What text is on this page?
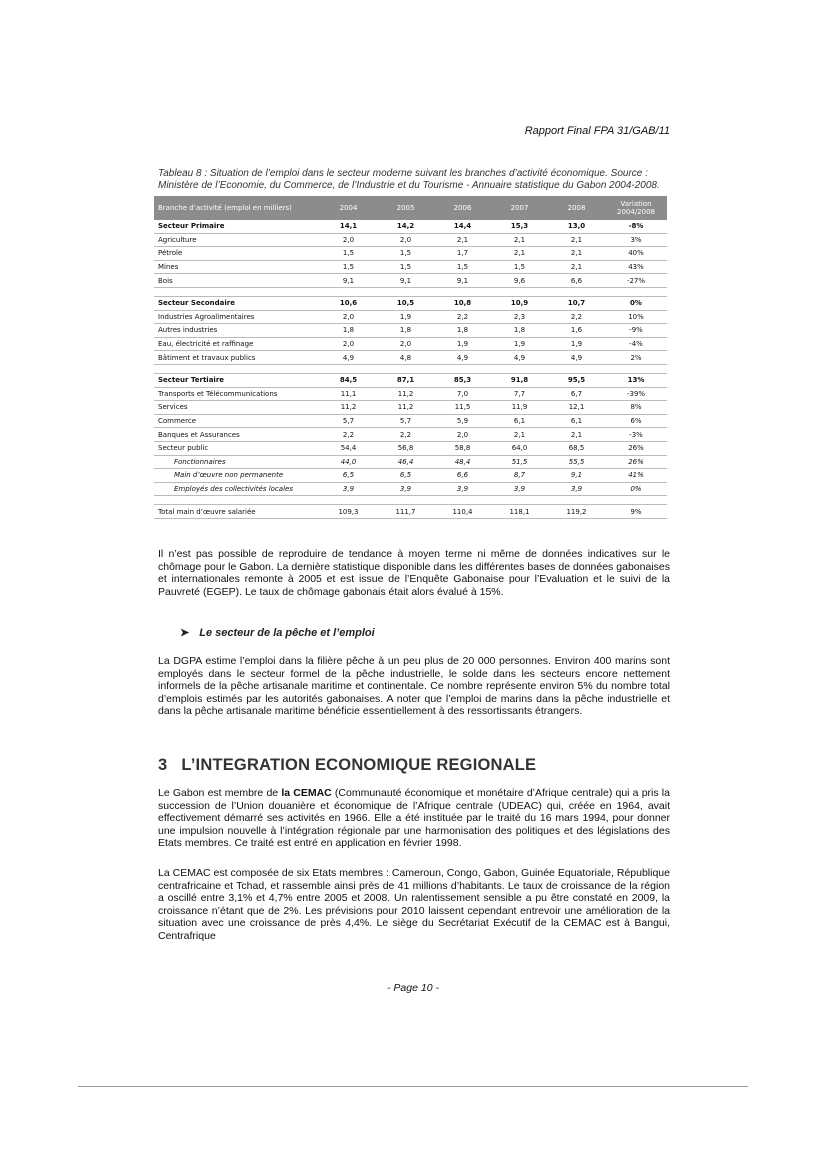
Rapport Final FPA 31/GAB/11
Tableau 8 : Situation de l’emploi dans le secteur moderne suivant les branches d’activité économique. Source : Ministère de l’Economie, du Commerce, de l’Industrie et du Tourisme - Annuaire statistique du Gabon 2004-2008.
Branche d’activité (emploi en milliers)	2004	2005	2006	2007	2008	Variation 2004/2008
Secteur Primaire	14,1	14,2	14,4	15,3	13,0	-8%
Agriculture	2,0	2,0	2,1	2,1	2,1	3%
Pétrole	1,5	1,5	1,7	2,1	2,1	40%
Mines	1,5	1,5	1,5	1,5	2,1	43%
Bois	9,1	9,1	9,1	9,6	6,6	-27%

Secteur Secondaire	10,6	10,5	10,8	10,9	10,7	0%
Industries Agroalimentaires	2,0	1,9	2,2	2,3	2,2	10%
Autres industries	1,8	1,8	1,8	1,8	1,6	-9%
Eau, électricité et raffinage	2,0	2,0	1,9	1,9	1,9	-4%
Bâtiment et travaux publics	4,9	4,8	4,9	4,9	4,9	2%

Secteur Tertiaire	84,5	87,1	85,3	91,8	95,5	13%
Transports et Télécommunications	11,1	11,2	7,0	7,7	6,7	-39%
Services	11,2	11,2	11,5	11,9	12,1	8%
Commerce	5,7	5,7	5,9	6,1	6,1	6%
Banques et Assurances	2,2	2,2	2,0	2,1	2,1	-3%
Secteur public	54,4	56,8	58,8	64,0	68,5	26%
Fonctionnaires	44,0	46,4	48,4	51,5	55,5	26%
Main d’œuvre non permanente	6,5	6,5	6,6	8,7	9,1	41%
Employés des collectivités locales	3,9	3,9	3,9	3,9	3,9	0%

Total main d’œuvre salariée	109,3	111,7	110,4	118,1	119,2	9%

Il n’est pas possible de reproduire de tendance à moyen terme ni même de données indicatives sur le chômage pour le Gabon. La dernière statistique disponible dans les différentes bases de données gabonaises et internationales remonte à 2005 et est issue de l’Enquête Gabonaise pour l’Evaluation et le suivi de la Pauvreté (EGEP). Le taux de chômage gabonais était alors évalué à 15%.

➤ Le secteur de la pêche et l’emploi

La DGPA estime l’emploi dans la filière pêche à un peu plus de 20 000 personnes. Environ 400 marins sont employés dans le secteur formel de la pêche industrielle, le solde dans les secteurs encore nettement informels de la pêche artisanale maritime et continentale. Ce nombre représente environ 5% du nombre total d’emplois estimés par les autorités gabonaises. A noter que l’emploi de marins dans la pêche industrielle et dans la pêche artisanale maritime bénéficie essentiellement à des ressortissants étrangers.

3 L’INTEGRATION ECONOMIQUE REGIONALE

Le Gabon est membre de la CEMAC (Communauté économique et monétaire d’Afrique centrale) qui a pris la succession de l’Union douanière et économique de l’Afrique centrale (UDEAC) qui, créée en 1964, avait effectivement démarré ses activités en 1966. Elle a été instituée par le traité du 16 mars 1994, pour donner une impulsion nouvelle à l’intégration régionale par une harmonisation des politiques et des législations des Etats membres. Ce traité est entré en application en février 1998.

La CEMAC est composée de six Etats membres : Cameroun, Congo, Gabon, Guinée Equatoriale, République centrafricaine et Tchad, et rassemble ainsi près de 41 millions d’habitants. Le taux de croissance de la région a oscillé entre 3,1% et 4,7% entre 2005 et 2008. Un ralentissement sensible a pu être constaté en 2009, la croissance n’étant que de 2%. Les prévisions pour 2010 laissent cependant entrevoir une amélioration de la situation avec une croissance de près 4,4%. Le siège du Secrétariat Exécutif de la CEMAC est à Bangui, Centrafrique

- Page 10 -
